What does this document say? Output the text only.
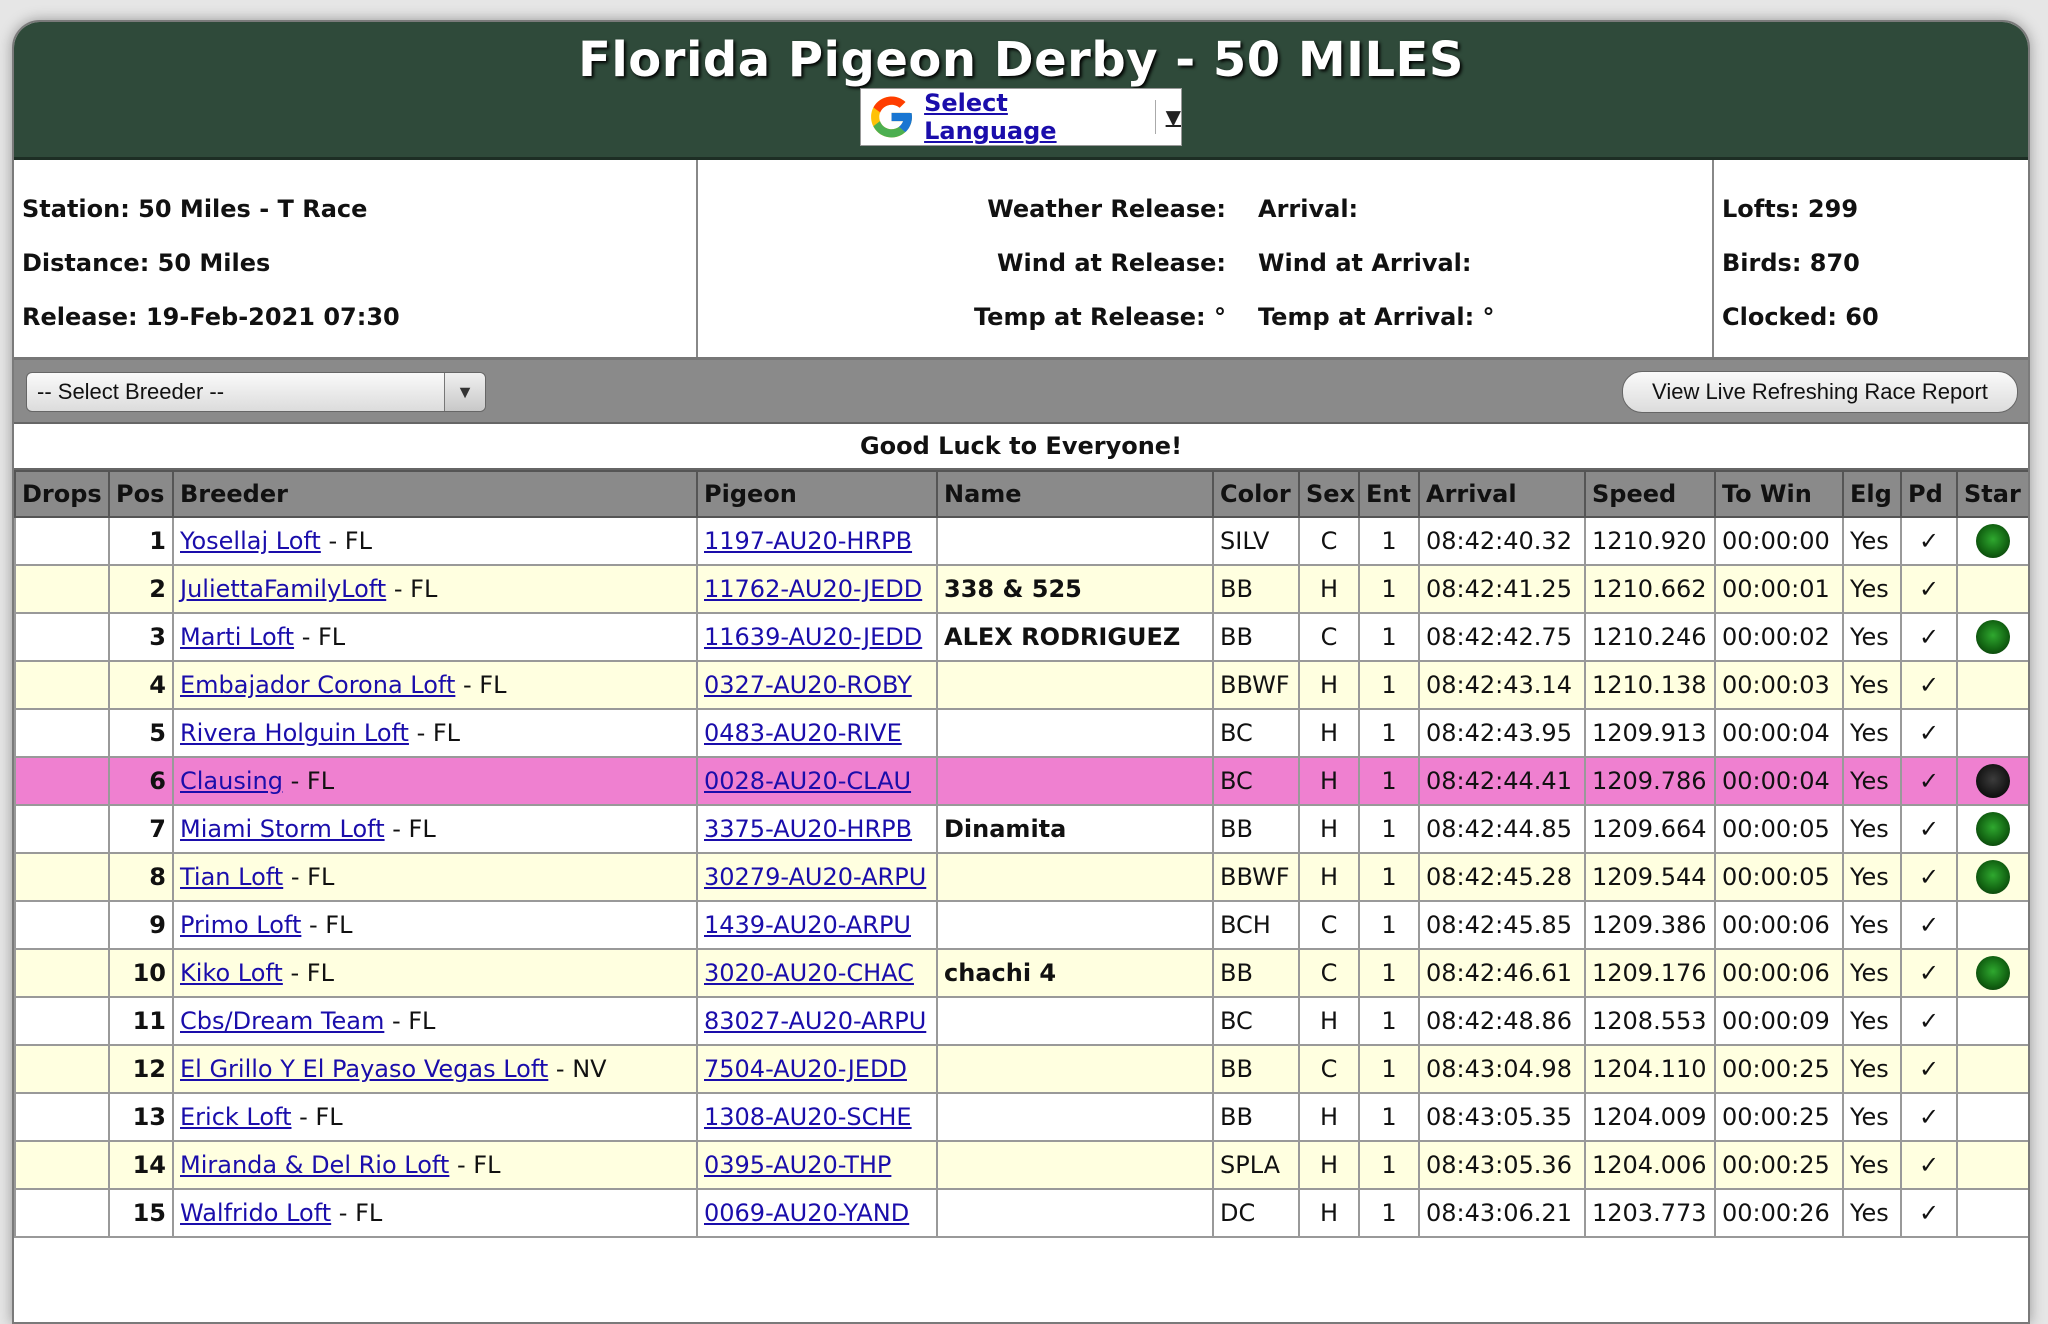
Florida Pigeon Derby - 50 MILES
Select Language	▼
Station: 50 Miles - T Race
Distance: 50 Miles
Release: 19-Feb-2021 07:30
Weather Release:	Arrival:
Wind at Release:	Wind at Arrival:
Temp at Release: °	Temp at Arrival: °
Lofts: 299
Birds: 870
Clocked: 60
-- Select Breeder --	▼	View Live Refreshing Race Report
Good Luck to Everyone!
Drops	Pos	Breeder	Pigeon	Name	Color	Sex	Ent	Arrival	Speed	To Win	Elg	Pd	Star
	1	Yosellaj Loft - FL	1197-AU20-HRPB		SILV	C	1	08:42:40.32	1210.920	00:00:00	Yes	✓	
	2	JuliettaFamilyLoft - FL	11762-AU20-JEDD	338 & 525	BB	H	1	08:42:41.25	1210.662	00:00:01	Yes	✓	
	3	Marti Loft - FL	11639-AU20-JEDD	ALEX RODRIGUEZ	BB	C	1	08:42:42.75	1210.246	00:00:02	Yes	✓	
	4	Embajador Corona Loft - FL	0327-AU20-ROBY		BBWF	H	1	08:42:43.14	1210.138	00:00:03	Yes	✓	
	5	Rivera Holguin Loft - FL	0483-AU20-RIVE		BC	H	1	08:42:43.95	1209.913	00:00:04	Yes	✓	
	6	Clausing - FL	0028-AU20-CLAU		BC	H	1	08:42:44.41	1209.786	00:00:04	Yes	✓	
	7	Miami Storm Loft - FL	3375-AU20-HRPB	Dinamita	BB	H	1	08:42:44.85	1209.664	00:00:05	Yes	✓	
	8	Tian Loft - FL	30279-AU20-ARPU		BBWF	H	1	08:42:45.28	1209.544	00:00:05	Yes	✓	
	9	Primo Loft - FL	1439-AU20-ARPU		BCH	C	1	08:42:45.85	1209.386	00:00:06	Yes	✓	
	10	Kiko Loft - FL	3020-AU20-CHAC	chachi 4	BB	C	1	08:42:46.61	1209.176	00:00:06	Yes	✓	
	11	Cbs/Dream Team - FL	83027-AU20-ARPU		BC	H	1	08:42:48.86	1208.553	00:00:09	Yes	✓	
	12	El Grillo Y El Payaso Vegas Loft - NV	7504-AU20-JEDD		BB	C	1	08:43:04.98	1204.110	00:00:25	Yes	✓	
	13	Erick Loft - FL	1308-AU20-SCHE		BB	H	1	08:43:05.35	1204.009	00:00:25	Yes	✓	
	14	Miranda & Del Rio Loft - FL	0395-AU20-THP		SPLA	H	1	08:43:05.36	1204.006	00:00:25	Yes	✓	
	15	Walfrido Loft - FL	0069-AU20-YAND		DC	H	1	08:43:06.21	1203.773	00:00:26	Yes	✓	
